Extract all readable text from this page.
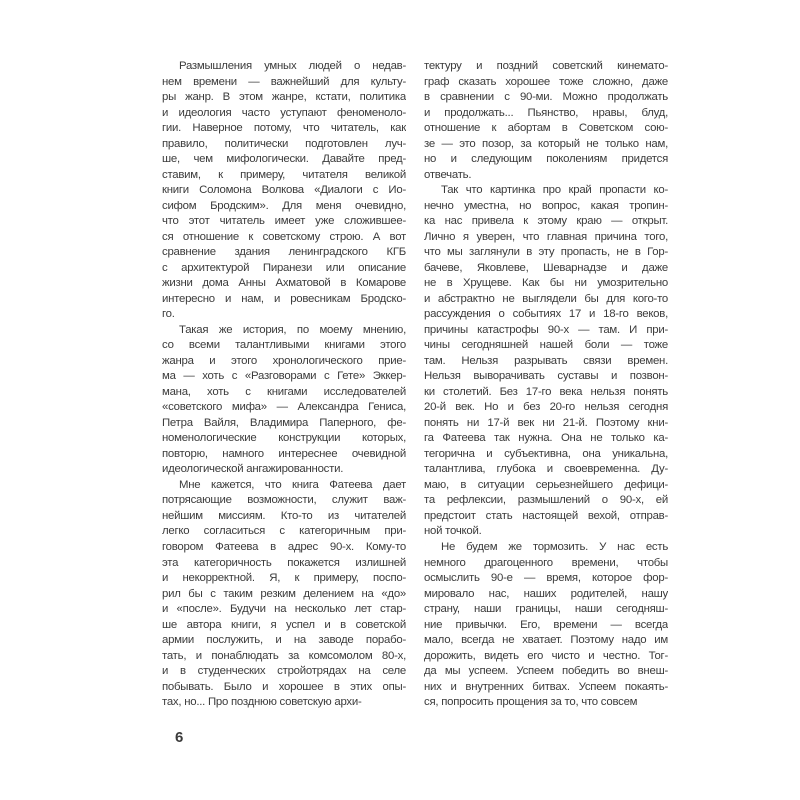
Размышления умных людей о недав-
нем времени — важнейший для культу-
ры жанр. В этом жанре, кстати, политика
и идеология часто уступают феноменоло-
гии. Наверное потому, что читатель, как
правило, политически подготовлен луч-
ше, чем мифологически. Давайте пред-
ставим, к примеру, читателя великой
книги Соломона Волкова «Диалоги с Ио-
сифом Бродским». Для меня очевидно,
что этот читатель имеет уже сложившее-
ся отношение к советскому строю. А вот
сравнение здания ленинградского КГБ
с архитектурой Пиранези или описание
жизни дома Анны Ахматовой в Комарове
интересно и нам, и ровесникам Бродско-
го.
Такая же история, по моему мнению,
со всеми талантливыми книгами этого
жанра и этого хронологического прие-
ма — хоть с «Разговорами с Гете» Эккер-
мана, хоть с книгами исследователей
«советского мифа» — Александра Гениса,
Петра Вайля, Владимира Паперного, фе-
номенологические конструкции которых,
повторю, намного интереснее очевидной
идеологической ангажированности.
Мне кажется, что книга Фатеева дает
потрясающие возможности, служит важ-
нейшим миссиям. Кто-то из читателей
легко согласиться с категоричным при-
говором Фатеева в адрес 90-х. Кому-то
эта категоричность покажется излишней
и некорректной. Я, к примеру, поспо-
рил бы с таким резким делением на «до»
и «после». Будучи на несколько лет стар-
ше автора книги, я успел и в советской
армии послужить, и на заводе порабо-
тать, и понаблюдать за комсомолом 80-х,
и в студенческих стройотрядах на селе
побывать. Было и хорошее в этих опы-
тах, но... Про позднюю советскую архи-
тектуру и поздний советский кинемато-
граф сказать хорошее тоже сложно, даже
в сравнении с 90-ми. Можно продолжать
и продолжать... Пьянство, нравы, блуд,
отношение к абортам в Советском сою-
зе — это позор, за который не только нам,
но и следующим поколениям придется
отвечать.
Так что картинка про край пропасти ко-
нечно уместна, но вопрос, какая тропин-
ка нас привела к этому краю — открыт.
Лично я уверен, что главная причина того,
что мы заглянули в эту пропасть, не в Гор-
бачеве, Яковлеве, Шеварнадзе и даже
не в Хрущеве. Как бы ни умозрительно
и абстрактно не выглядели бы для кого-то
рассуждения о событиях 17 и 18-го веков,
причины катастрофы 90-х — там. И при-
чины сегодняшней нашей боли — тоже
там. Нельзя разрывать связи времен.
Нельзя выворачивать суставы и позвон-
ки столетий. Без 17-го века нельзя понять
20-й век. Но и без 20-го нельзя сегодня
понять ни 17-й век ни 21-й. Поэтому кни-
га Фатеева так нужна. Она не только ка-
тегорична и субъективна, она уникальна,
талантлива, глубока и своевременна. Ду-
маю, в ситуации серьезнейшего дефици-
та рефлексии, размышлений о 90-х, ей
предстоит стать настоящей вехой, отправ-
ной точкой.
Не будем же тормозить. У нас есть
немного драгоценного времени, чтобы
осмыслить 90-е — время, которое фор-
мировало нас, наших родителей, нашу
страну, наши границы, наши сегодняш-
ние привычки. Его, времени — всегда
мало, всегда не хватает. Поэтому надо им
дорожить, видеть его чисто и честно. Тог-
да мы успеем. Успеем победить во внеш-
них и внутренних битвах. Успеем покаять-
ся, попросить прощения за то, что совсем
6
